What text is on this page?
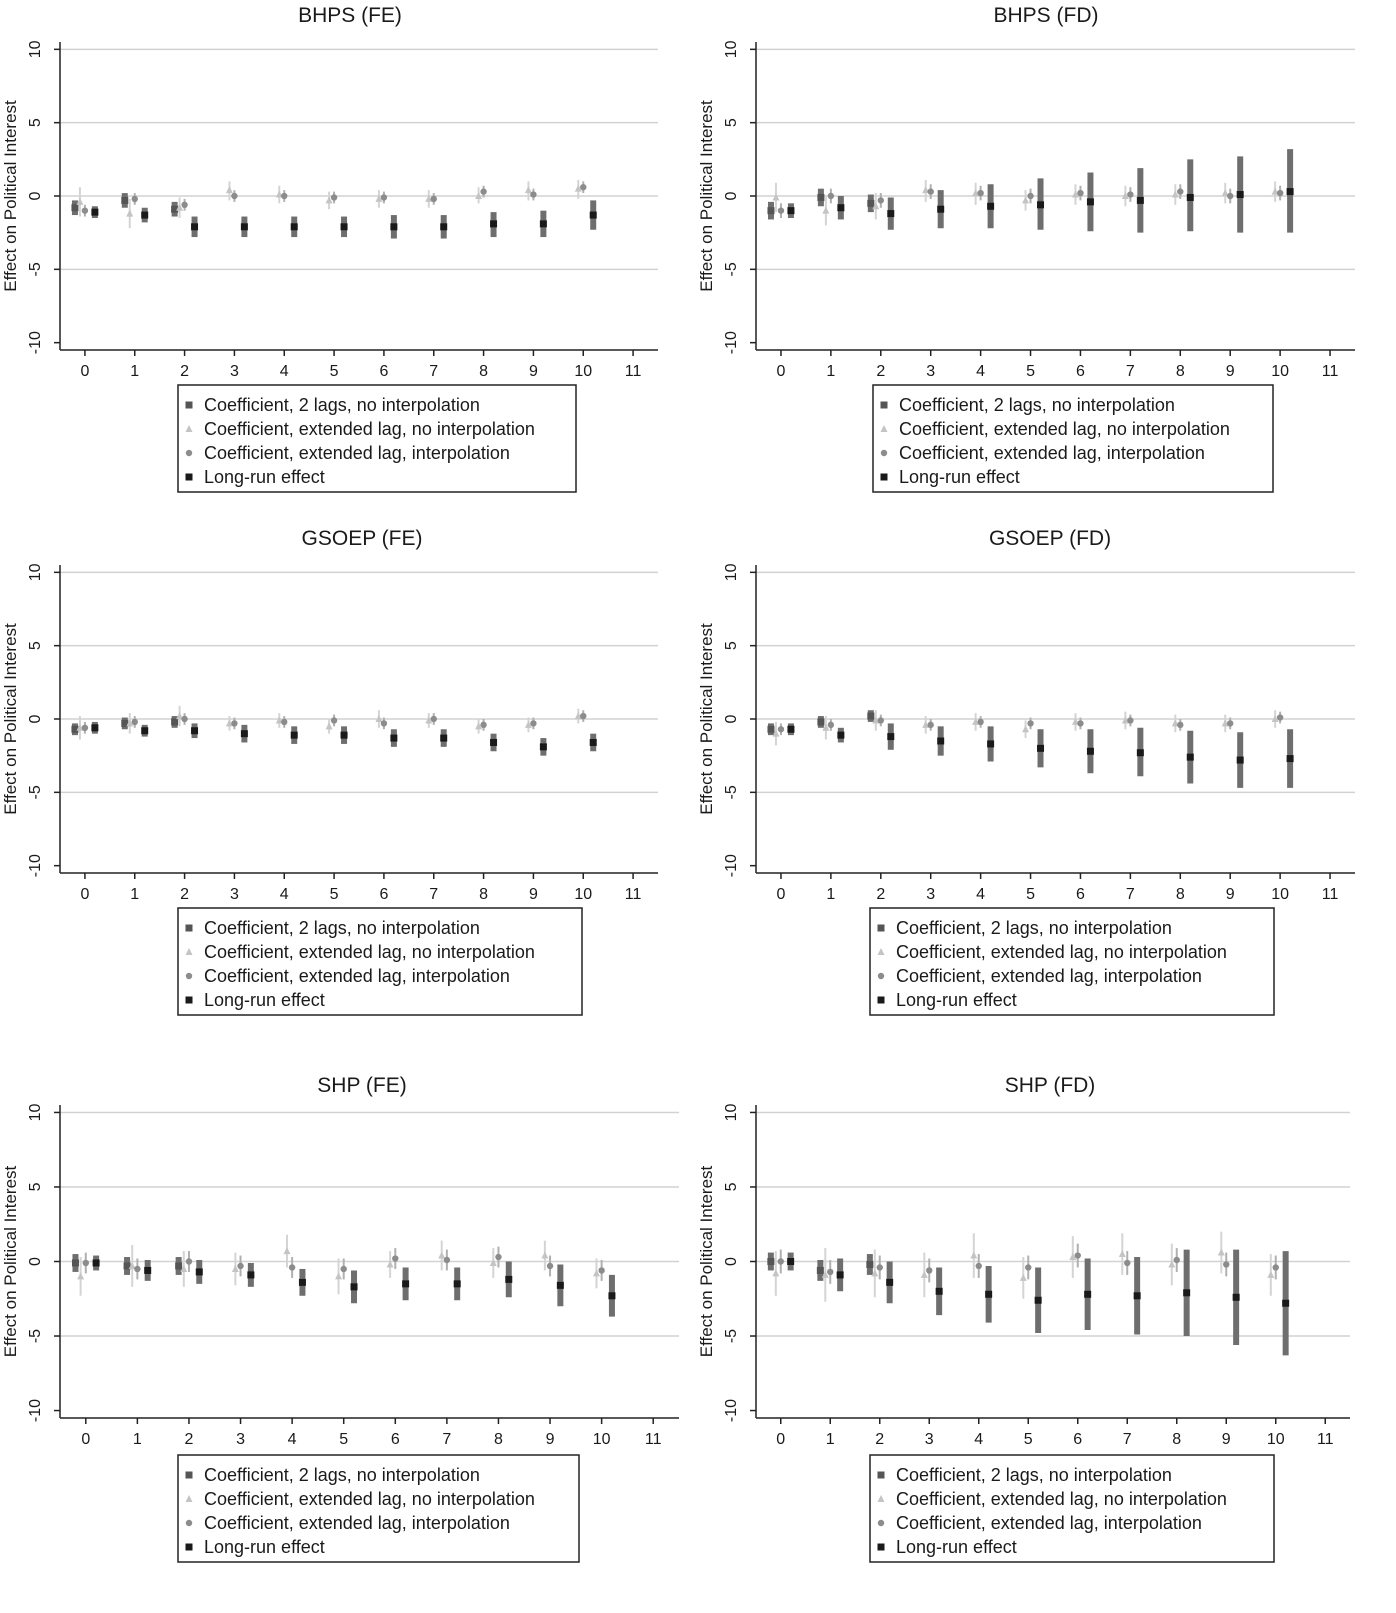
BHPS (FE)
-10
-5
0
5
10
0	1	2	3	4	5	6	7	8	9 10 11
Effect on Political Interest
Coefficient, 2 lags, no interpolation
Coefficient, extended lag, no interpolation
Coefficient, extended lag, interpolation
Long-run effect
BHPS (FD)
-10
-5
0
5
10
0	1	2	3	4	5	6	7	8	9 10 11
Effect on Political Interest
Coefficient, 2 lags, no interpolation
Coefficient, extended lag, no interpolation
Coefficient, extended lag, interpolation
Long-run effect
GSOEP (FE)
-10
-5
0
5
10
0	1	2	3	4	5	6	7	8	9 10 11
Effect on Political Interest
Coefficient, 2 lags, no interpolation
Coefficient, extended lag, no interpolation
Coefficient, extended lag, interpolation
Long-run effect
GSOEP (FD)
-10
-5
0
5
10
0	1	2	3	4	5	6	7	8	9 10 11
Effect on Political Interest
Coefficient, 2 lags, no interpolation
Coefficient, extended lag, no interpolation
Coefficient, extended lag, interpolation
Long-run effect
SHP (FE)
-10
-5
0
5
10
0	1	2	3	4	5	6	7	8	9 10 11
Effect on Political Interest
Coefficient, 2 lags, no interpolation
Coefficient, extended lag, no interpolation
Coefficient, extended lag, interpolation
Long-run effect
SHP (FD)
-10
-5
0
5
10
0	1	2	3	4	5	6	7	8	9 10 11
Effect on Political Interest
Coefficient, 2 lags, no interpolation
Coefficient, extended lag, no interpolation
Coefficient, extended lag, interpolation
Long-run effect
